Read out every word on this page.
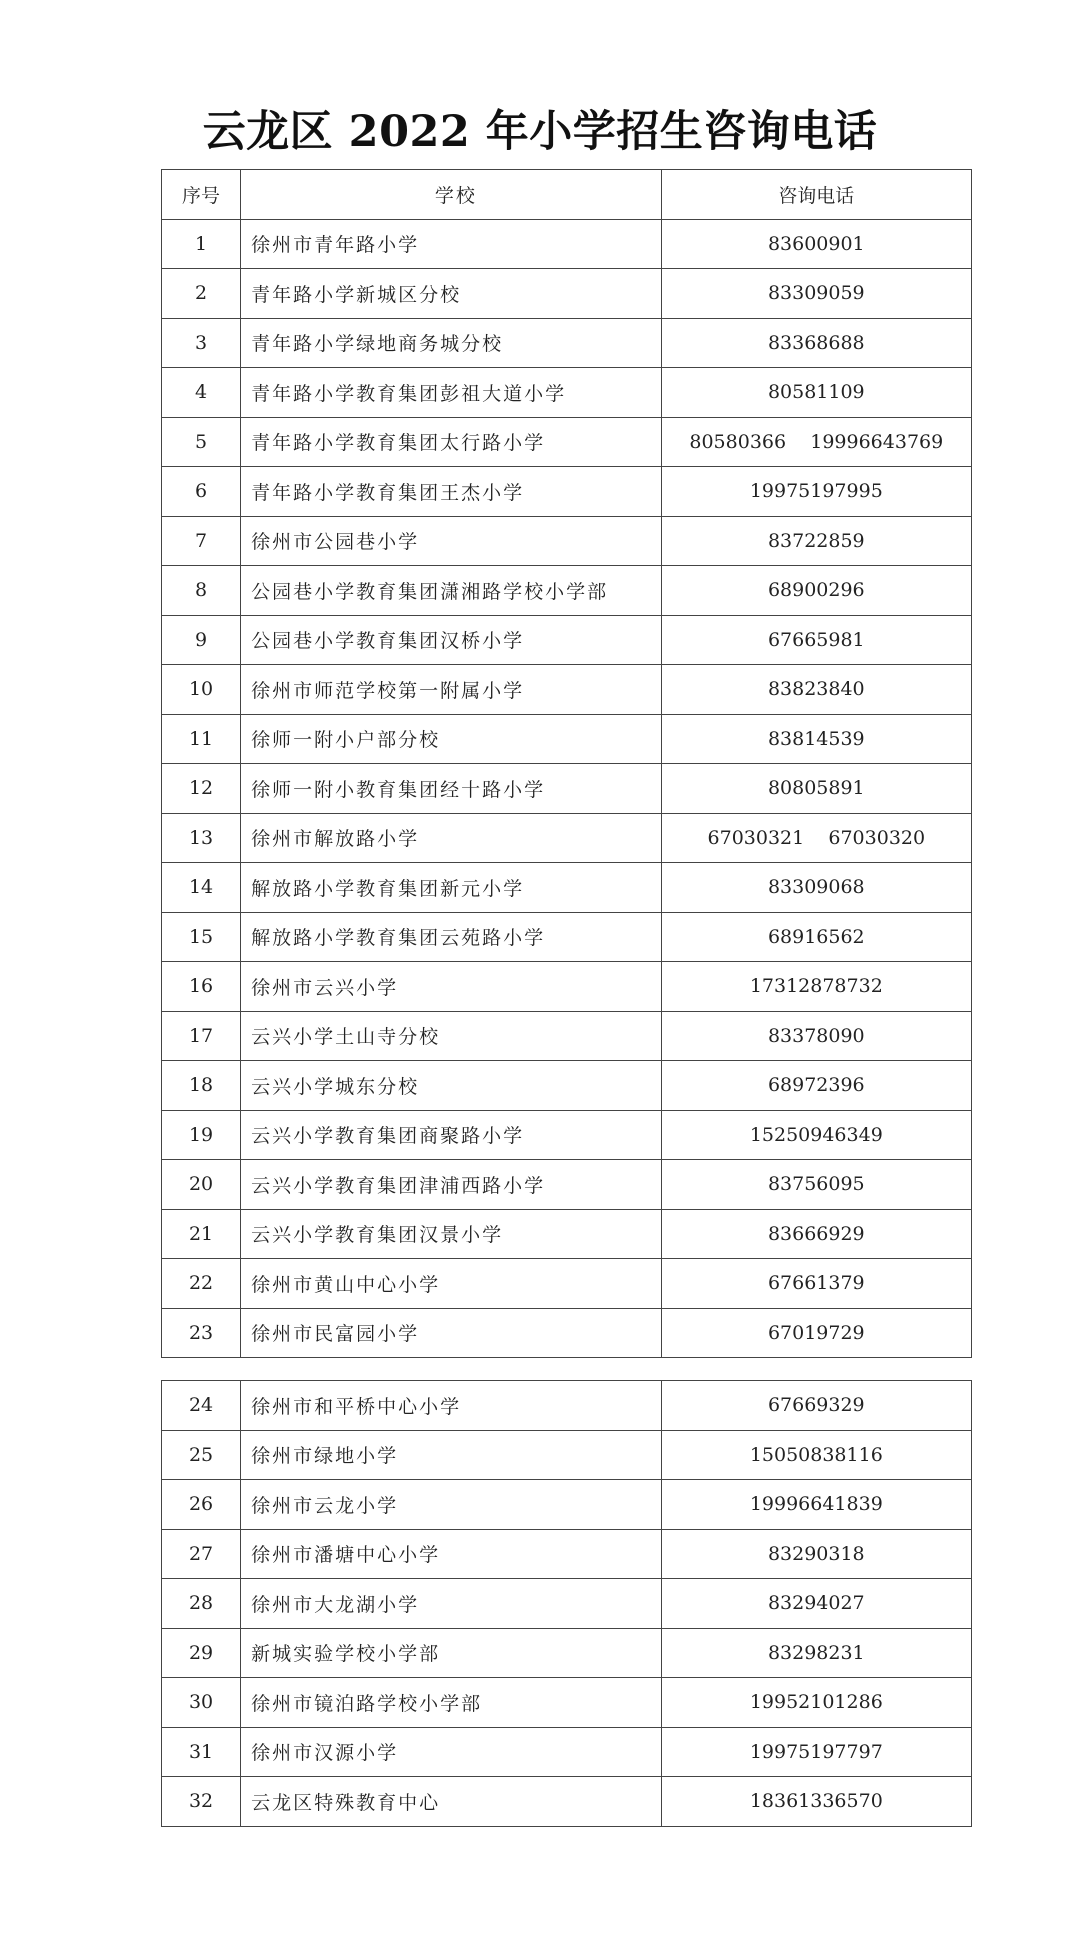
云龙区 2022 年小学招生咨询电话
序号	学校	咨询电话
1	徐州市青年路小学	83600901
2	青年路小学新城区分校	83309059
3	青年路小学绿地商务城分校	83368688
4	青年路小学教育集团彭祖大道小学	80581109
5	青年路小学教育集团太行路小学	80580366    19996643769
6	青年路小学教育集团王杰小学	19975197995
7	徐州市公园巷小学	83722859
8	公园巷小学教育集团潇湘路学校小学部	68900296
9	公园巷小学教育集团汉桥小学	67665981
10	徐州市师范学校第一附属小学	83823840
11	徐师一附小户部分校	83814539
12	徐师一附小教育集团经十路小学	80805891
13	徐州市解放路小学	67030321    67030320
14	解放路小学教育集团新元小学	83309068
15	解放路小学教育集团云苑路小学	68916562
16	徐州市云兴小学	17312878732
17	云兴小学土山寺分校	83378090
18	云兴小学城东分校	68972396
19	云兴小学教育集团商聚路小学	15250946349
20	云兴小学教育集团津浦西路小学	83756095
21	云兴小学教育集团汉景小学	83666929
22	徐州市黄山中心小学	67661379
23	徐州市民富园小学	67019729
24	徐州市和平桥中心小学	67669329
25	徐州市绿地小学	15050838116
26	徐州市云龙小学	19996641839
27	徐州市潘塘中心小学	83290318
28	徐州市大龙湖小学	83294027
29	新城实验学校小学部	83298231
30	徐州市镜泊路学校小学部	19952101286
31	徐州市汉源小学	19975197797
32	云龙区特殊教育中心	18361336570
